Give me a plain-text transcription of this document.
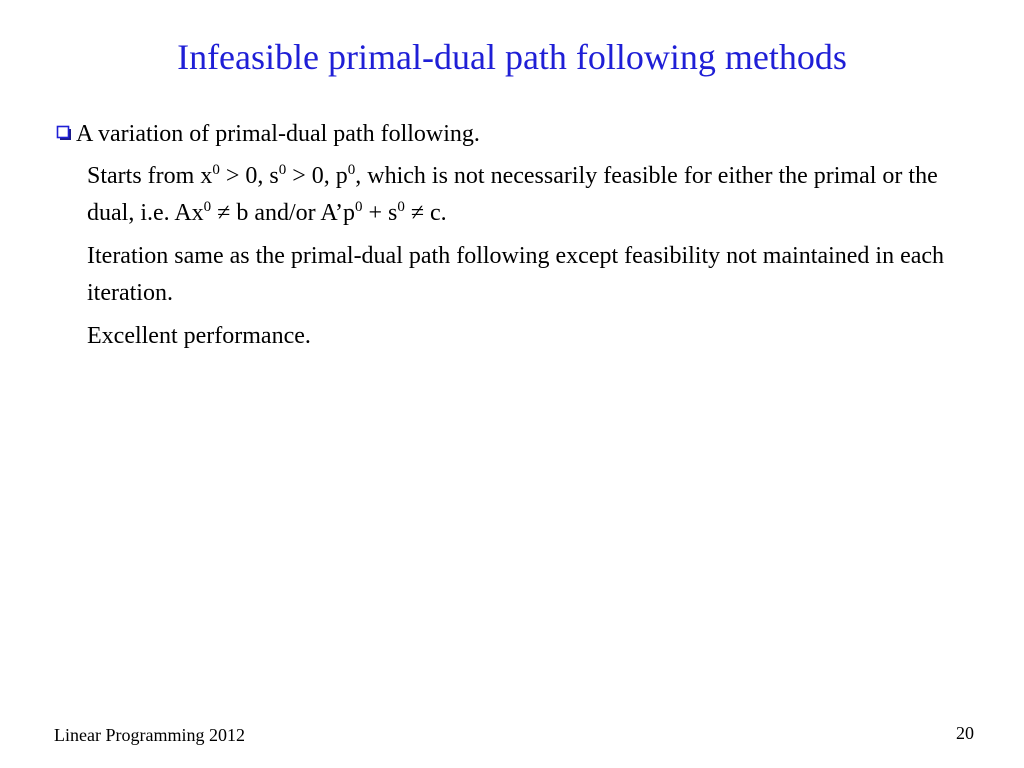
Infeasible primal-dual path following methods
A variation of primal-dual path following.
Starts from $x^0 > 0$, $s^0 > 0$, $p^0$, which is not necessarily feasible for either the primal or the dual, i.e. $Ax^0 \ne b$ and/or $A’p^0 + s^0 \ne c$.
Iteration same as the primal-dual path following except feasibility not maintained in each iteration.
Excellent performance.
Linear Programming 2012	20
